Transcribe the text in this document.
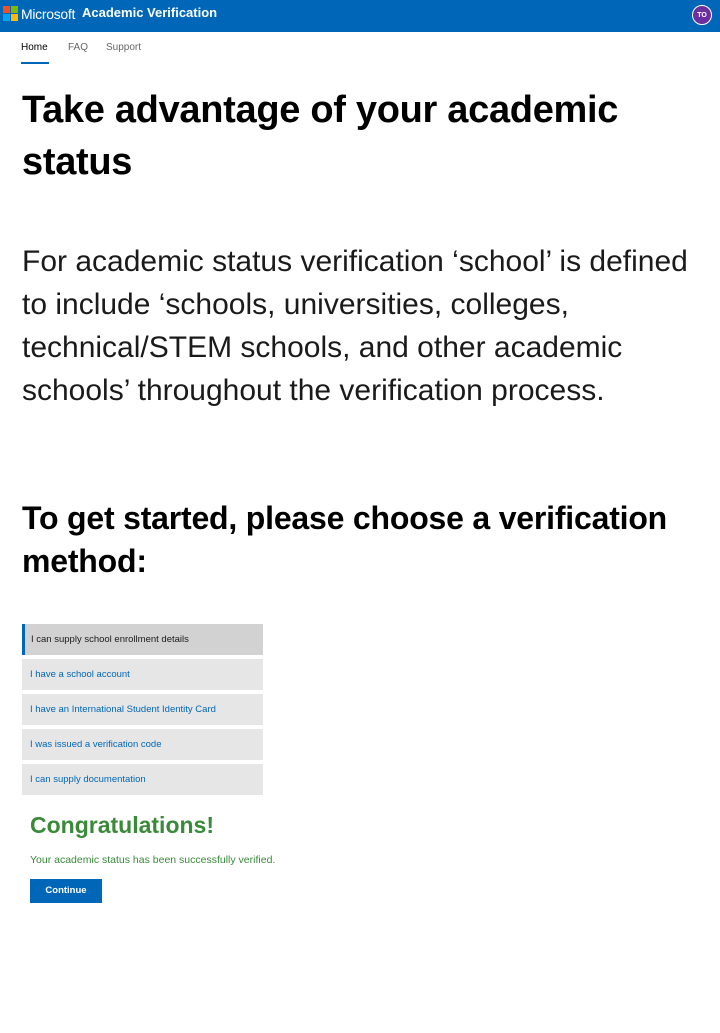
Microsoft Academic Verification	TO
Home FAQ Support
Take advantage of your academic status

For academic status verification ‘school’ is defined to include ‘schools, universities, colleges, technical/STEM schools, and other academic schools’ throughout the verification process.

To get started, please choose a verification method:
I can supply school enrollment details
I have a school account
I have an International Student Identity Card
I was issued a verification code
I can supply documentation
Congratulations!
Your academic status has been successfully verified.
Continue
